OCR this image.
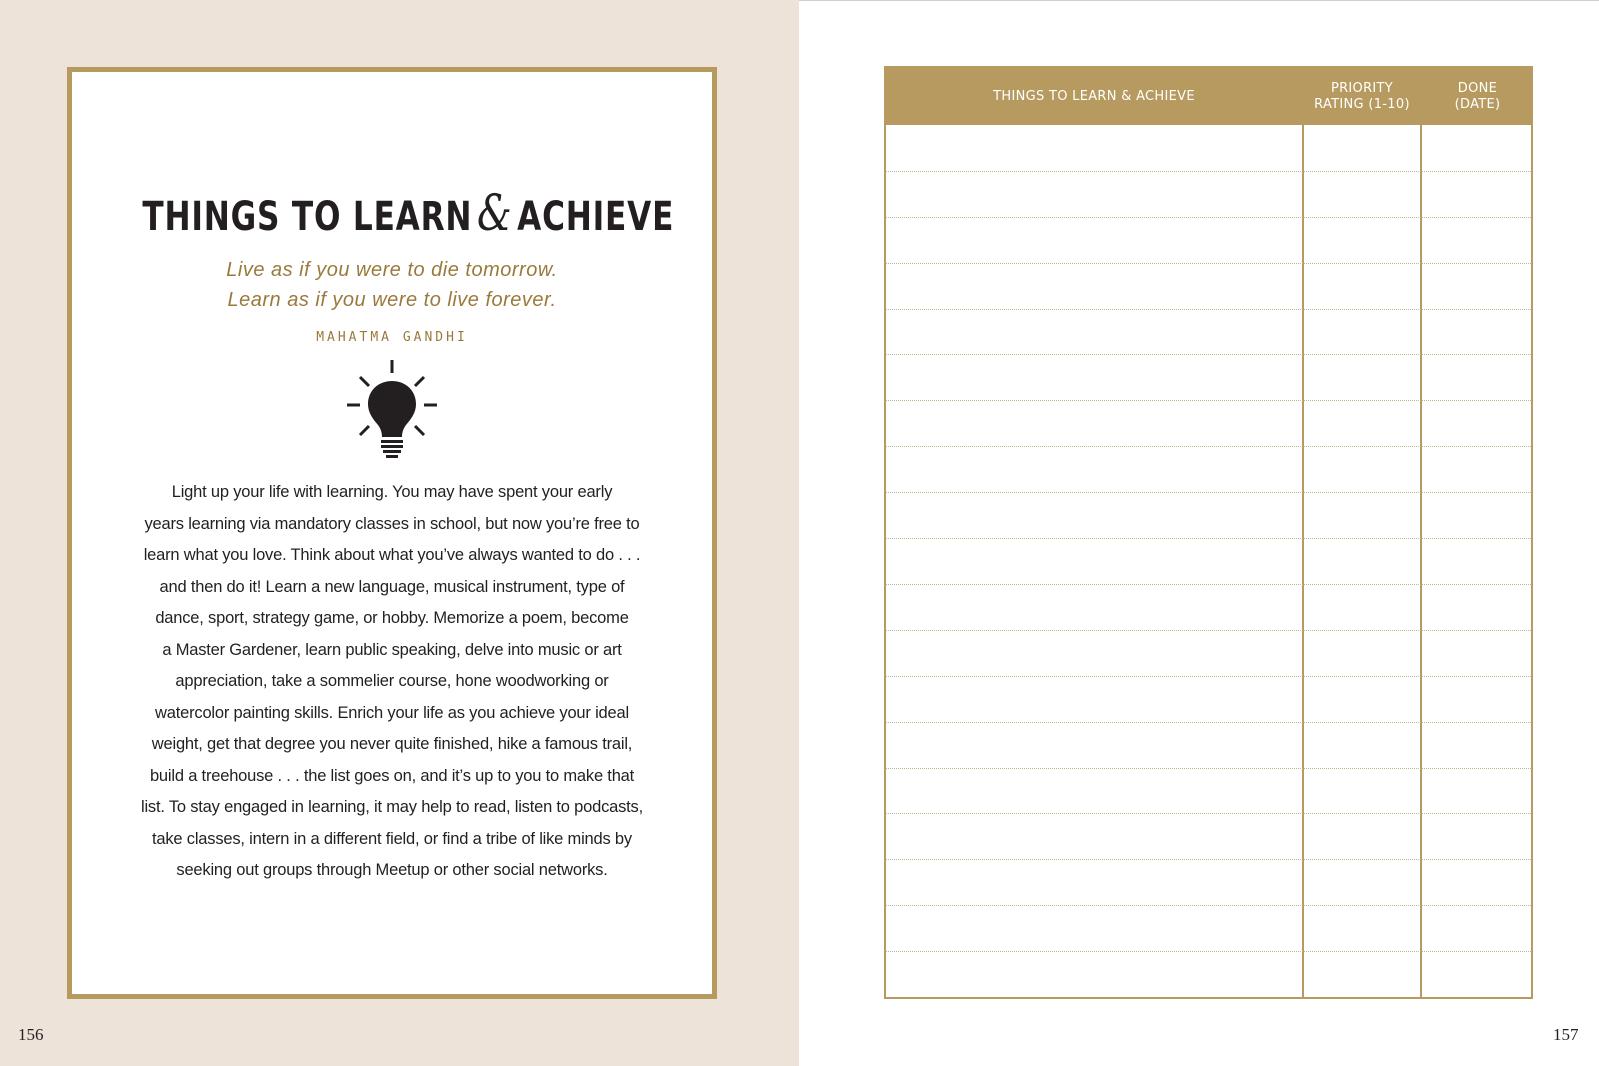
THINGS TO LEARN& ACHIEVE
Live as if you were to die tomorrow.
Learn as if you were to live forever.
MAHATMA GANDHI
Light up your life with learning. You may have spent your early
years learning via mandatory classes in school, but now you’re free to
learn what you love. Think about what you’ve always wanted to do . . .
and then do it! Learn a new language, musical instrument, type of
dance, sport, strategy game, or hobby. Memorize a poem, become
a Master Gardener, learn public speaking, delve into music or art
appreciation, take a sommelier course, hone woodworking or
watercolor painting skills. Enrich your life as you achieve your ideal
weight, get that degree you never quite finished, hike a famous trail,
build a treehouse . . . the list goes on, and it’s up to you to make that
list. To stay engaged in learning, it may help to read, listen to podcasts,
take classes, intern in a different field, or find a tribe of like minds by
seeking out groups through Meetup or other social networks.
156
THINGS TO LEARN & ACHIEVE
PRIORITY
RATING (1-10)
DONE
(DATE)
157
